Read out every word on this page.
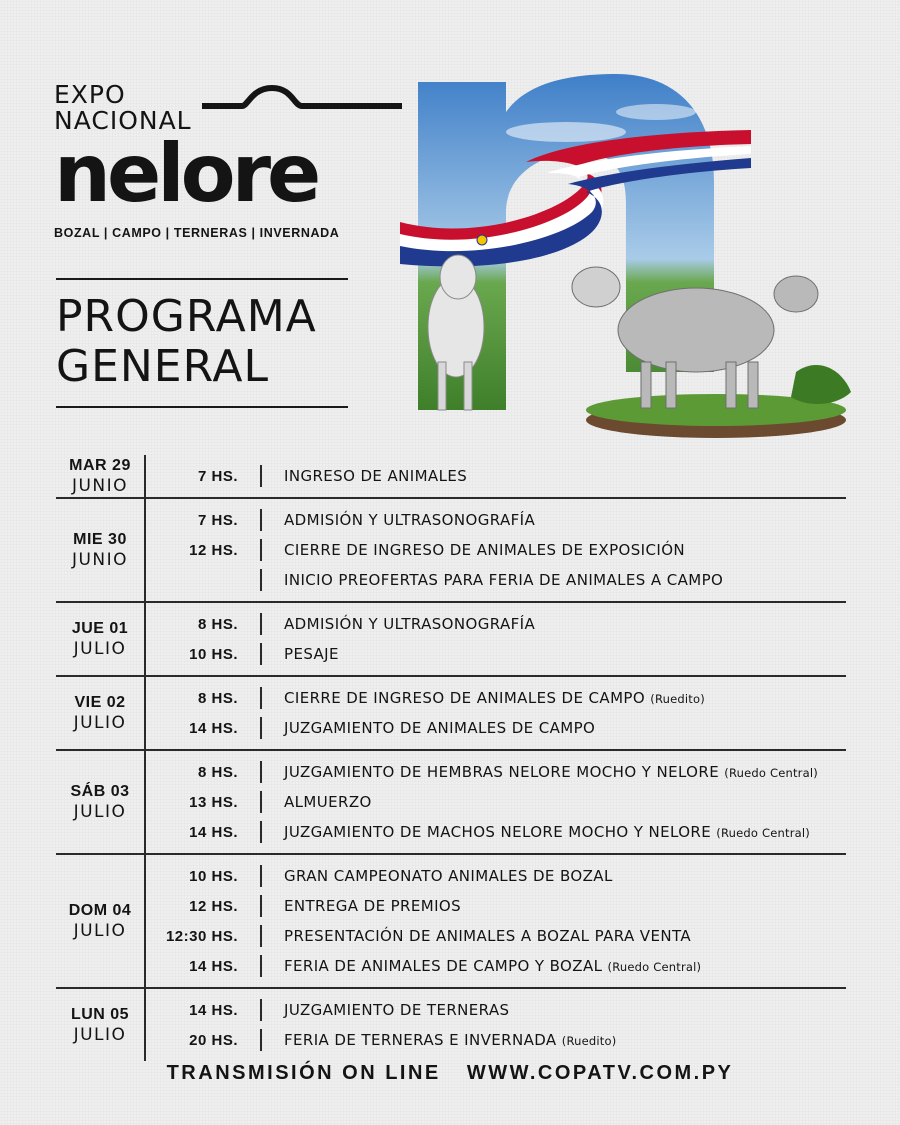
EXPO
NACIONAL
nelore
BOZAL | CAMPO | TERNERAS | INVERNADA
PROGRAMA
GENERAL
MAR 29
JUNIO	7 HS.	INGRESO DE ANIMALES
MIE 30
JUNIO
7 HS.	ADMISIÓN Y ULTRASONOGRAFÍA
12 HS.	CIERRE DE INGRESO DE ANIMALES DE EXPOSICIÓN
INICIO PREOFERTAS PARA FERIA DE ANIMALES A CAMPO
JUE 01
JULIO
8 HS.	ADMISIÓN Y ULTRASONOGRAFÍA
10 HS.	PESAJE
VIE 02
JULIO
8 HS.	CIERRE DE INGRESO DE ANIMALES DE CAMPO (Ruedito)
14 HS.	JUZGAMIENTO DE ANIMALES DE CAMPO
SÁB 03
JULIO
8 HS.	JUZGAMIENTO DE HEMBRAS NELORE MOCHO Y NELORE (Ruedo Central)
13 HS.	ALMUERZO
14 HS.	JUZGAMIENTO DE MACHOS NELORE MOCHO Y NELORE (Ruedo Central)
DOM 04
JULIO
10 HS.	GRAN CAMPEONATO ANIMALES DE BOZAL
12 HS.	ENTREGA DE PREMIOS
12:30 HS.	PRESENTACIÓN DE ANIMALES A BOZAL PARA VENTA
14 HS.	FERIA DE ANIMALES DE CAMPO Y BOZAL (Ruedo Central)
LUN 05
JULIO
14 HS.	JUZGAMIENTO DE TERNERAS
20 HS.	FERIA DE TERNERAS E INVERNADA (Ruedito)
TRANSMISIÓN ON LINE WWW.COPATV.COM.PY
